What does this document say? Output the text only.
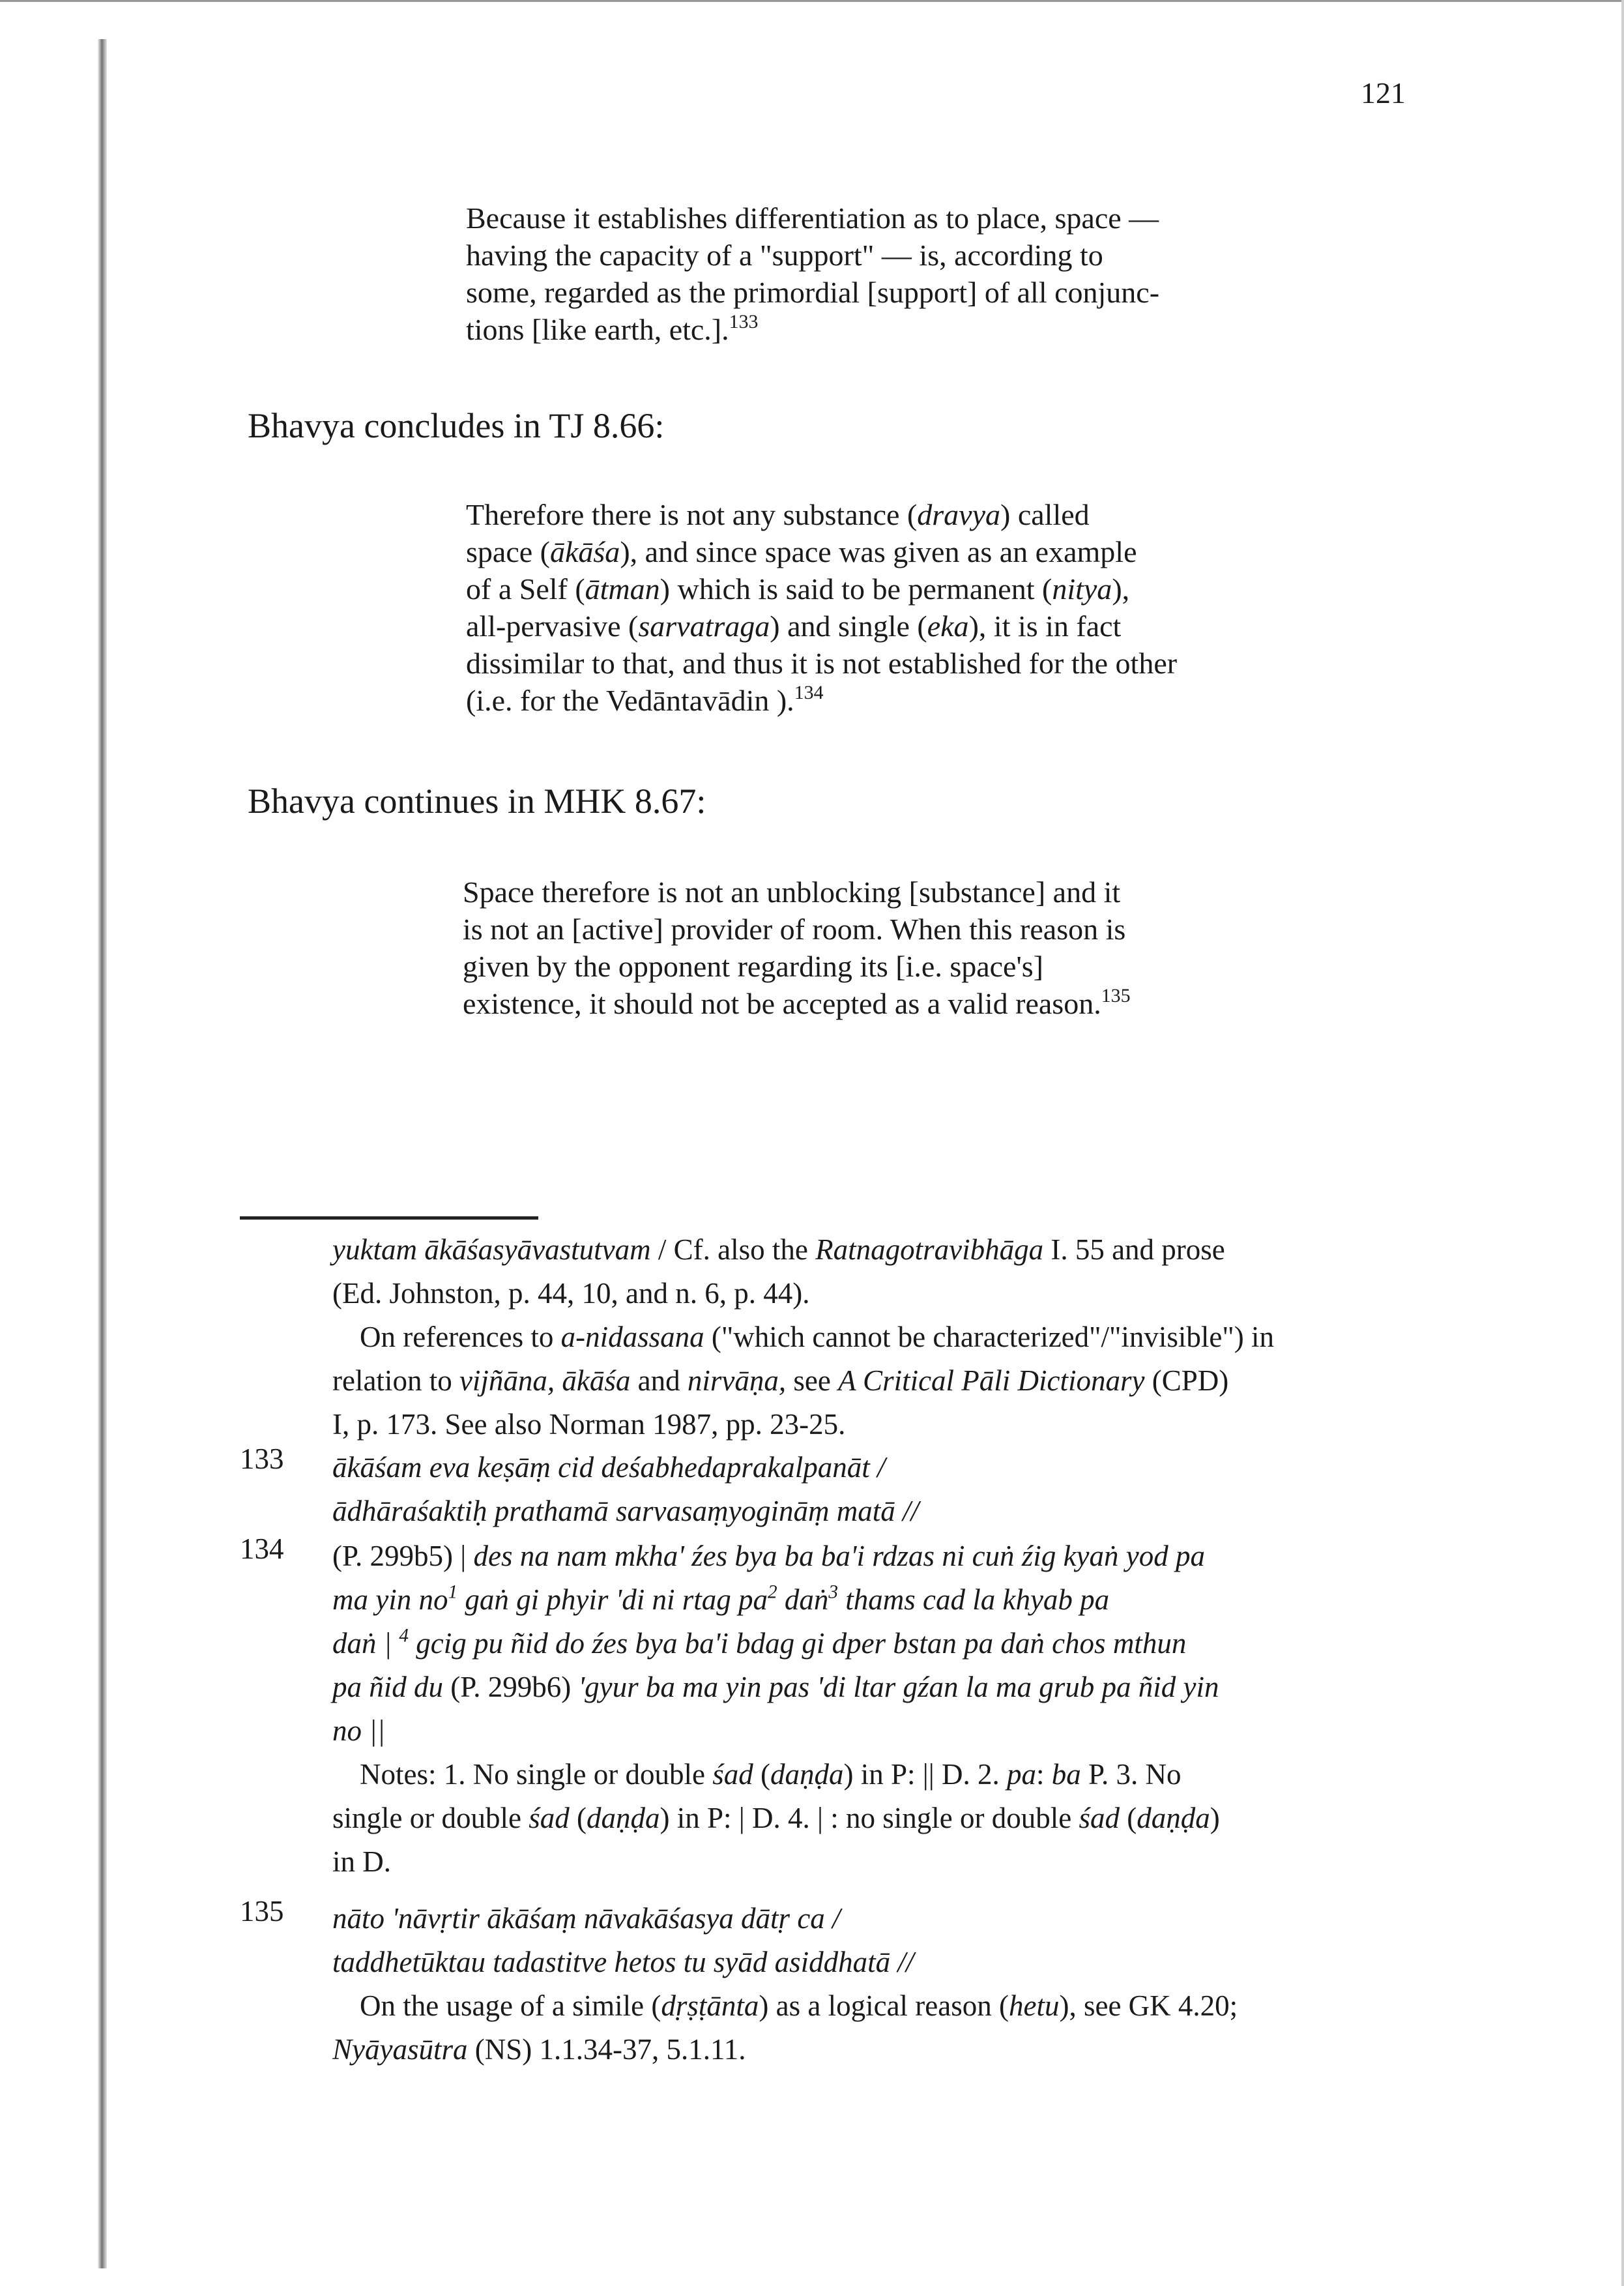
121
Because it establishes differentiation as to place, space —
having the capacity of a "support" — is, according to
some, regarded as the primordial [support] of all conjunc-
tions [like earth, etc.].$^{133}$
Bhavya concludes in TJ 8.66:
Therefore there is not any substance (dravya) called
space (ākāśa), and since space was given as an example
of a Self (ātman) which is said to be permanent (nitya),
all-pervasive (sarvatraga) and single (eka), it is in fact
dissimilar to that, and thus it is not established for the other
(i.e. for the Vedāntavādin ).$^{134}$
Bhavya continues in MHK 8.67:
Space therefore is not an unblocking [substance] and it
is not an [active] provider of room. When this reason is
given by the opponent regarding its [i.e. space's]
existence, it should not be accepted as a valid reason.$^{135}$
yuktam ākāśasyāvastutvam / Cf. also the Ratnagotravibhāga I. 55 and prose
(Ed. Johnston, p. 44, 10, and n. 6, p. 44).
On references to a-nidassana ("which cannot be characterized"/"invisible") in
relation to vijñāna, ākāśa and nirvāṇa, see A Critical Pāli Dictionary (CPD)
I, p. 173. See also Norman 1987, pp. 23-25.
133 ākāśam eva keṣāṃ cid deśabhedaprakalpanāt /
ādhāraśaktiḥ prathamā sarvasaṃyogināṃ matā //
134 (P. 299b5) | des na nam mkha' źes bya ba ba'i rdzas ni cuṅ źig kyaṅ yod pa
ma yin $no^1$ gaṅ gi phyir 'di ni rtag $pa^2$ daṅ$^3$ thams cad la khyab pa
daṅ | $^4$ gcig pu ñid do źes bya ba'i bdag gi dper bstan pa daṅ chos mthun
pa ñid du (P. 299b6) 'gyur ba ma yin pas 'di ltar gźan la ma grub pa ñid yin
no ||
Notes: 1. No single or double śad (daṇḍa) in P: || D. 2. pa: ba P. 3. No
single or double śad (daṇḍa) in P: | D. 4. | : no single or double śad (daṇḍa)
in D.
135 nāto 'nāvṛtir ākāśaṃ nāvakāśasya dātṛ ca /
taddhetūktau tadastitve hetos tu syād asiddhatā //
On the usage of a simile (dṛṣṭānta) as a logical reason (hetu), see GK 4.20;
Nyāyasūtra (NS) 1.1.34-37, 5.1.11.
